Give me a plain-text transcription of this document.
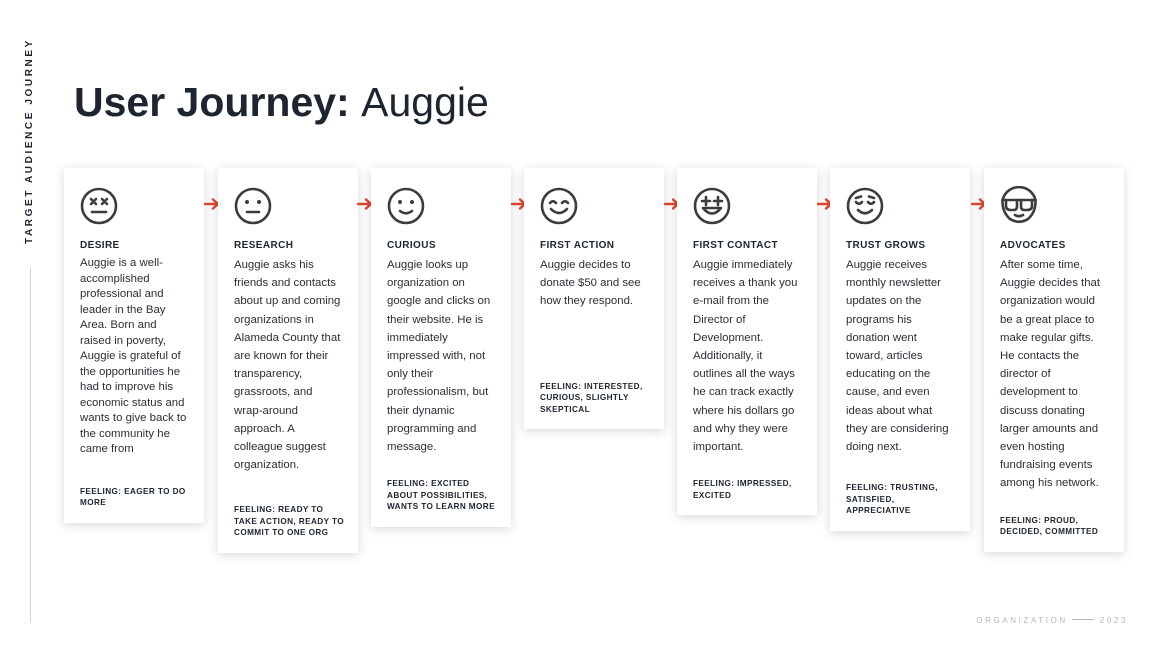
TARGET AUDIENCE JOURNEY User Journey: Auggie
DESIRE
Auggie is a well-accomplished professional and leader in the Bay Area. Born and raised in poverty, Auggie is grateful of the opportunities he had to improve his economic status and wants to give back to the community he came from
FEELING: EAGER TO DO MORE
RESEARCH
Auggie asks his friends and contacts about up and coming organizations in Alameda County that are known for their transparency, grassroots, and wrap-around approach. A colleague suggest organization.
FEELING: READY TO TAKE ACTION, READY TO COMMIT TO ONE ORG
CURIOUS
Auggie looks up organization on google and clicks on their website. He is immediately impressed with, not only their professionalism, but their dynamic programming and message.
FEELING: EXCITED ABOUT POSSIBILITIES, WANTS TO LEARN MORE
FIRST ACTION
Auggie decides to donate $50 and see how they respond.
FEELING: INTERESTED, CURIOUS, SLIGHTLY SKEPTICAL
FIRST CONTACT
Auggie immediately receives a thank you e-mail from the Director of Development. Additionally, it outlines all the ways he can track exactly where his dollars go and why they were important.
FEELING: IMPRESSED, EXCITED
TRUST GROWS
Auggie receives monthly newsletter updates on the programs his donation went toward, articles educating on the cause, and even ideas about what they are considering doing next.
FEELING: TRUSTING, SATISFIED, APPRECIATIVE
ADVOCATES
After some time, Auggie decides that organization would be a great place to make regular gifts. He contacts the director of development to discuss donating larger amounts and even hosting fundraising events among his network.
FEELING: PROUD, DECIDED, COMMITTED
ORGANIZATION	2023
